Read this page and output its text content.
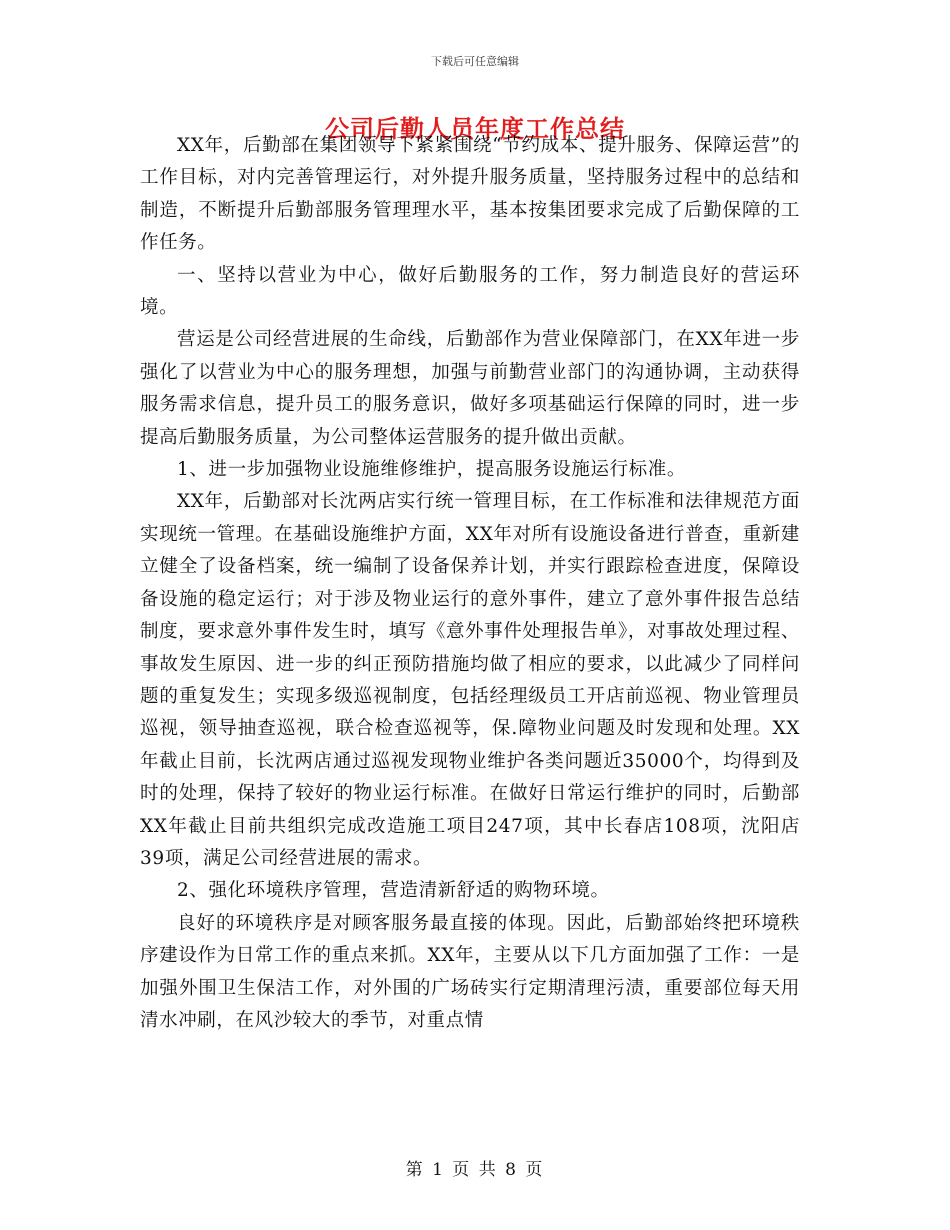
下载后可任意编辑
公司后勤人员年度工作总结

XX年，后勤部在集团领导下紧紧围绕“节约成本、提升服务、保障运营”的工作目标，对内完善管理运行，对外提升服务质量，坚持服务过程中的总结和制造，不断提升后勤部服务管理理水平，基本按集团要求完成了后勤保障的工作任务。

一、坚持以营业为中心，做好后勤服务的工作，努力制造良好的营运环境。

营运是公司经营进展的生命线，后勤部作为营业保障部门，在XX年进一步强化了以营业为中心的服务理想，加强与前勤营业部门的沟通协调，主动获得服务需求信息，提升员工的服务意识，做好多项基础运行保障的同时，进一步提高后勤服务质量，为公司整体运营服务的提升做出贡献。

1、进一步加强物业设施维修维护，提高服务设施运行标准。

XX年，后勤部对长沈两店实行统一管理目标，在工作标准和法律规范方面实现统一管理。在基础设施维护方面，XX年对所有设施设备进行普查，重新建立健全了设备档案，统一编制了设备保养计划，并实行跟踪检查进度，保障设备设施的稳定运行；对于涉及物业运行的意外事件，建立了意外事件报告总结制度，要求意外事件发生时，填写《意外事件处理报告单》，对事故处理过程、事故发生原因、进一步的纠正预防措施均做了相应的要求，以此减少了同样问题的重复发生；实现多级巡视制度，包括经理级员工开店前巡视、物业管理员巡视，领导抽查巡视，联合检查巡视等，保.障物业问题及时发现和处理。XX年截止目前，长沈两店通过巡视发现物业维护各类问题近35000个，均得到及时的处理，保持了较好的物业运行标准。在做好日常运行维护的同时，后勤部XX年截止目前共组织完成改造施工项目247项，其中长春店108项，沈阳店39项，满足公司经营进展的需求。

2、强化环境秩序管理，营造清新舒适的购物环境。

良好的环境秩序是对顾客服务最直接的体现。因此，后勤部始终把环境秩序建设作为日常工作的重点来抓。XX年，主要从以下几方面加强了工作：一是加强外围卫生保洁工作，对外围的广场砖实行定期清理污渍，重要部位每天用清水冲刷，在风沙较大的季节，对重点情

第 1 页 共 8 页
